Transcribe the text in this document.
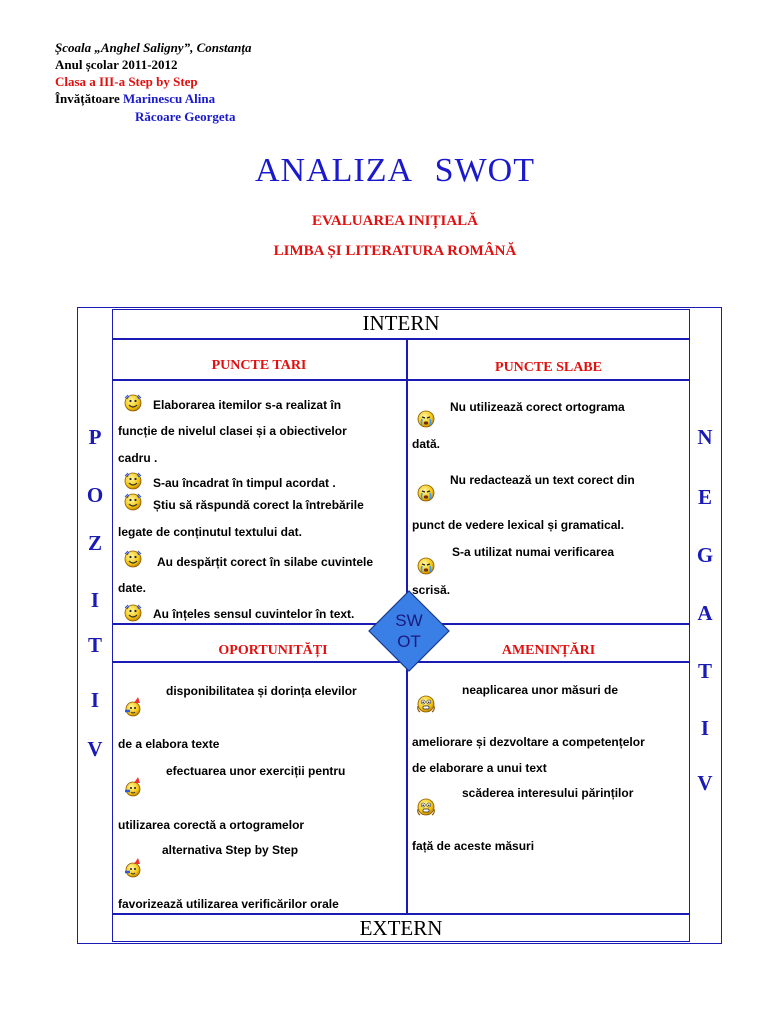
Școala „Anghel Saligny”, Constanța
Anul școlar 2011-2012
Clasa a III-a Step by Step
Învățătoare Marinescu Alina
Răcoare Georgeta
ANALIZA SWOT
EVALUAREA INIȚIALĂ
LIMBA ȘI LITERATURA ROMÂNĂ
INTERN
EXTERN
P
O
Z
I
T
I
V
N
E
G
A
T
I
V
PUNCTE TARI	PUNCTE SLABE
OPORTUNITĂȚI	AMENINȚĂRI
Elaborarea itemilor s-a realizat în
funcție de nivelul clasei și a obiectivelor
cadru .
S-au încadrat în timpul acordat .
Știu să răspundă corect la întrebările
legate de conținutul textului dat.
Au despărțit corect în silabe cuvintele
date.
Au înțeles sensul cuvintelor în text.
Nu utilizează corect ortograma
dată.
Nu redactează un text corect din
punct de vedere lexical și gramatical.
S-a utilizat numai verificarea
scrisă.
disponibilitatea și dorința elevilor
de a elabora texte
efectuarea unor exerciții pentru
utilizarea corectă a ortogramelor
alternativa Step by Step
favorizează utilizarea verificărilor orale
neaplicarea unor măsuri de
ameliorare și dezvoltare a competențelor
de elaborare a unui text
scăderea interesului părinților
față de aceste măsuri
SW
OT
